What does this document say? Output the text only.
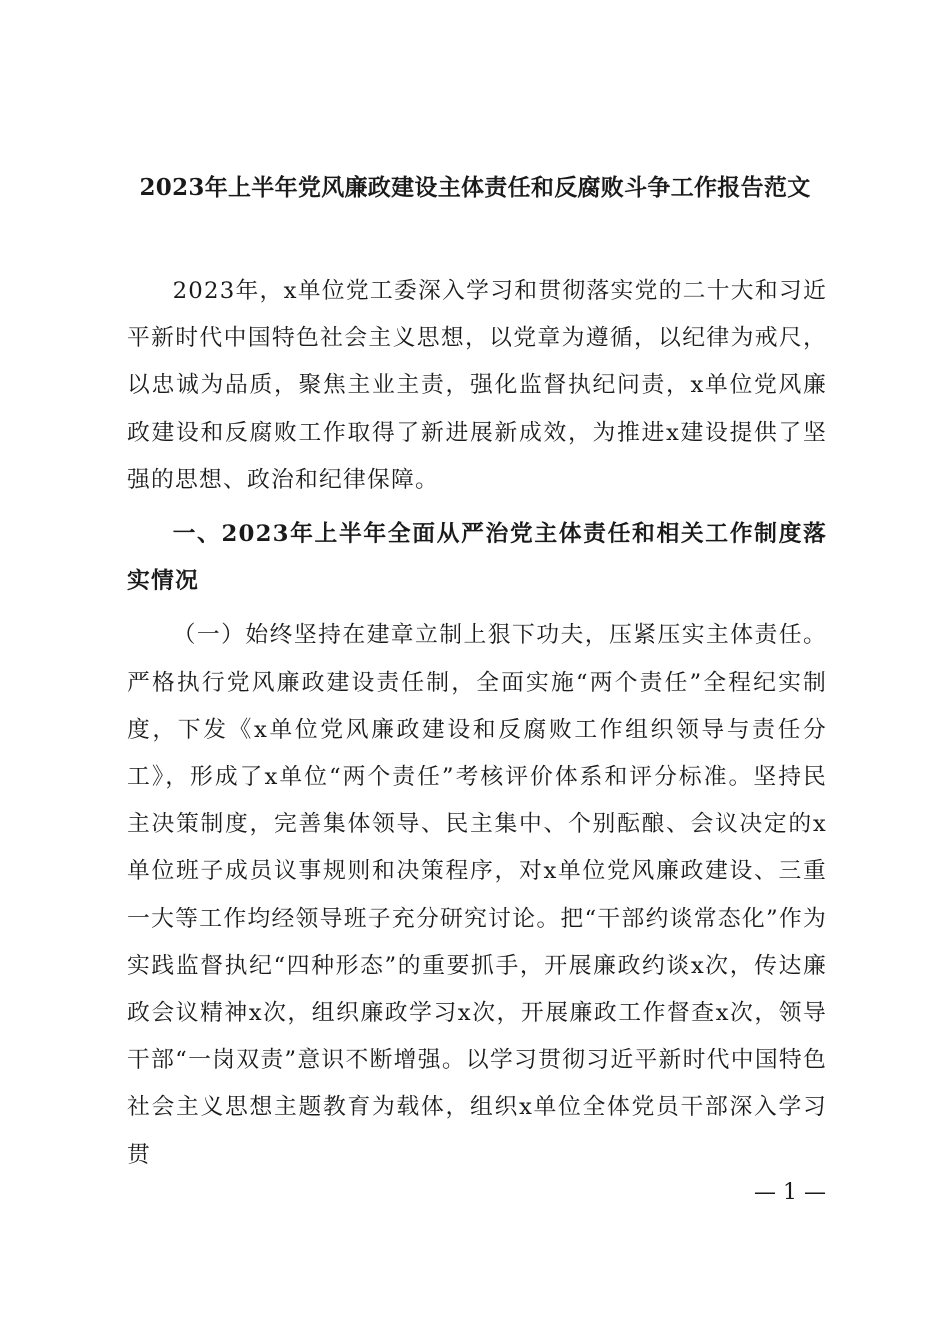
2023年上半年党风廉政建设主体责任和反腐败斗争工作报告范文

2023年，x单位党工委深入学习和贯彻落实党的二十大和习近平新时代中国特色社会主义思想，以党章为遵循，以纪律为戒尺，以忠诚为品质，聚焦主业主责，强化监督执纪问责，x单位党风廉政建设和反腐败工作取得了新进展新成效，为推进x建设提供了坚强的思想、政治和纪律保障。

一、2023年上半年全面从严治党主体责任和相关工作制度落实情况

（一）始终坚持在建章立制上狠下功夫，压紧压实主体责任。严格执行党风廉政建设责任制，全面实施“两个责任”全程纪实制度，下发《x单位党风廉政建设和反腐败工作组织领导与责任分工》，形成了x单位“两个责任”考核评价体系和评分标准。坚持民主决策制度，完善集体领导、民主集中、个别酝酿、会议决定的x单位班子成员议事规则和决策程序，对x单位党风廉政建设、三重一大等工作均经领导班子充分研究讨论。把“干部约谈常态化”作为实践监督执纪“四种形态”的重要抓手，开展廉政约谈x次，传达廉政会议精神x次，组织廉政学习x次，开展廉政工作督查x次，领导干部“一岗双责”意识不断增强。以学习贯彻习近平新时代中国特色社会主义思想主题教育为载体，组织x单位全体党员干部深入学习贯

— 1 —
